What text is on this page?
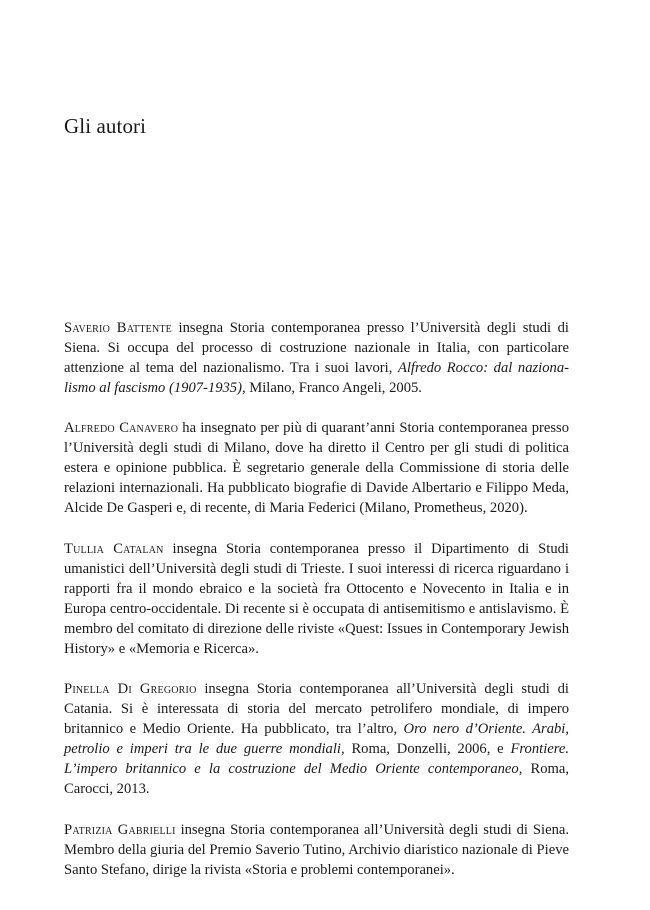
Gli autori

Saverio Battente insegna Storia contemporanea presso l’Università degli studi di Siena. Si occupa del processo di costruzione nazionale in Italia, con particolare attenzione al tema del nazionalismo. Tra i suoi lavori, Alfredo Rocco: dal nazionalismo al fascismo (1907-1935), Milano, Franco Angeli, 2005.

Alfredo Canavero ha insegnato per più di quarant’anni Storia contemporanea presso l’Università degli studi di Milano, dove ha diretto il Centro per gli studi di politica estera e opinione pubblica. È segretario generale della Commissione di storia delle relazioni internazionali. Ha pubblicato biografie di Davide Albertario e Filippo Meda, Alcide De Gasperi e, di recente, di Maria Federici (Milano, Prometheus, 2020).

Tullia Catalan insegna Storia contemporanea presso il Dipartimento di Studi umanistici dell’Università degli studi di Trieste. I suoi interessi di ricerca riguardano i rapporti fra il mondo ebraico e la società fra Ottocento e Novecento in Italia e in Europa centro-occidentale. Di recente si è occupata di antisemitismo e antislavismo. È membro del comitato di direzione delle riviste «Quest: Issues in Contemporary Jewish History» e «Memoria e Ricerca».

Pinella Di Gregorio insegna Storia contemporanea all’Università degli studi di Catania. Si è interessata di storia del mercato petrolifero mondiale, di impero britannico e Medio Oriente. Ha pubblicato, tra l’altro, Oro nero d’Oriente. Arabi, petrolio e imperi tra le due guerre mondiali, Roma, Donzelli, 2006, e Frontiere. L’impero britannico e la costruzione del Medio Oriente contemporaneo, Roma, Carocci, 2013.

Patrizia Gabrielli insegna Storia contemporanea all’Università degli studi di Siena. Membro della giuria del Premio Saverio Tutino, Archivio diaristico nazionale di Pieve Santo Stefano, dirige la rivista «Storia e problemi contemporanei».
